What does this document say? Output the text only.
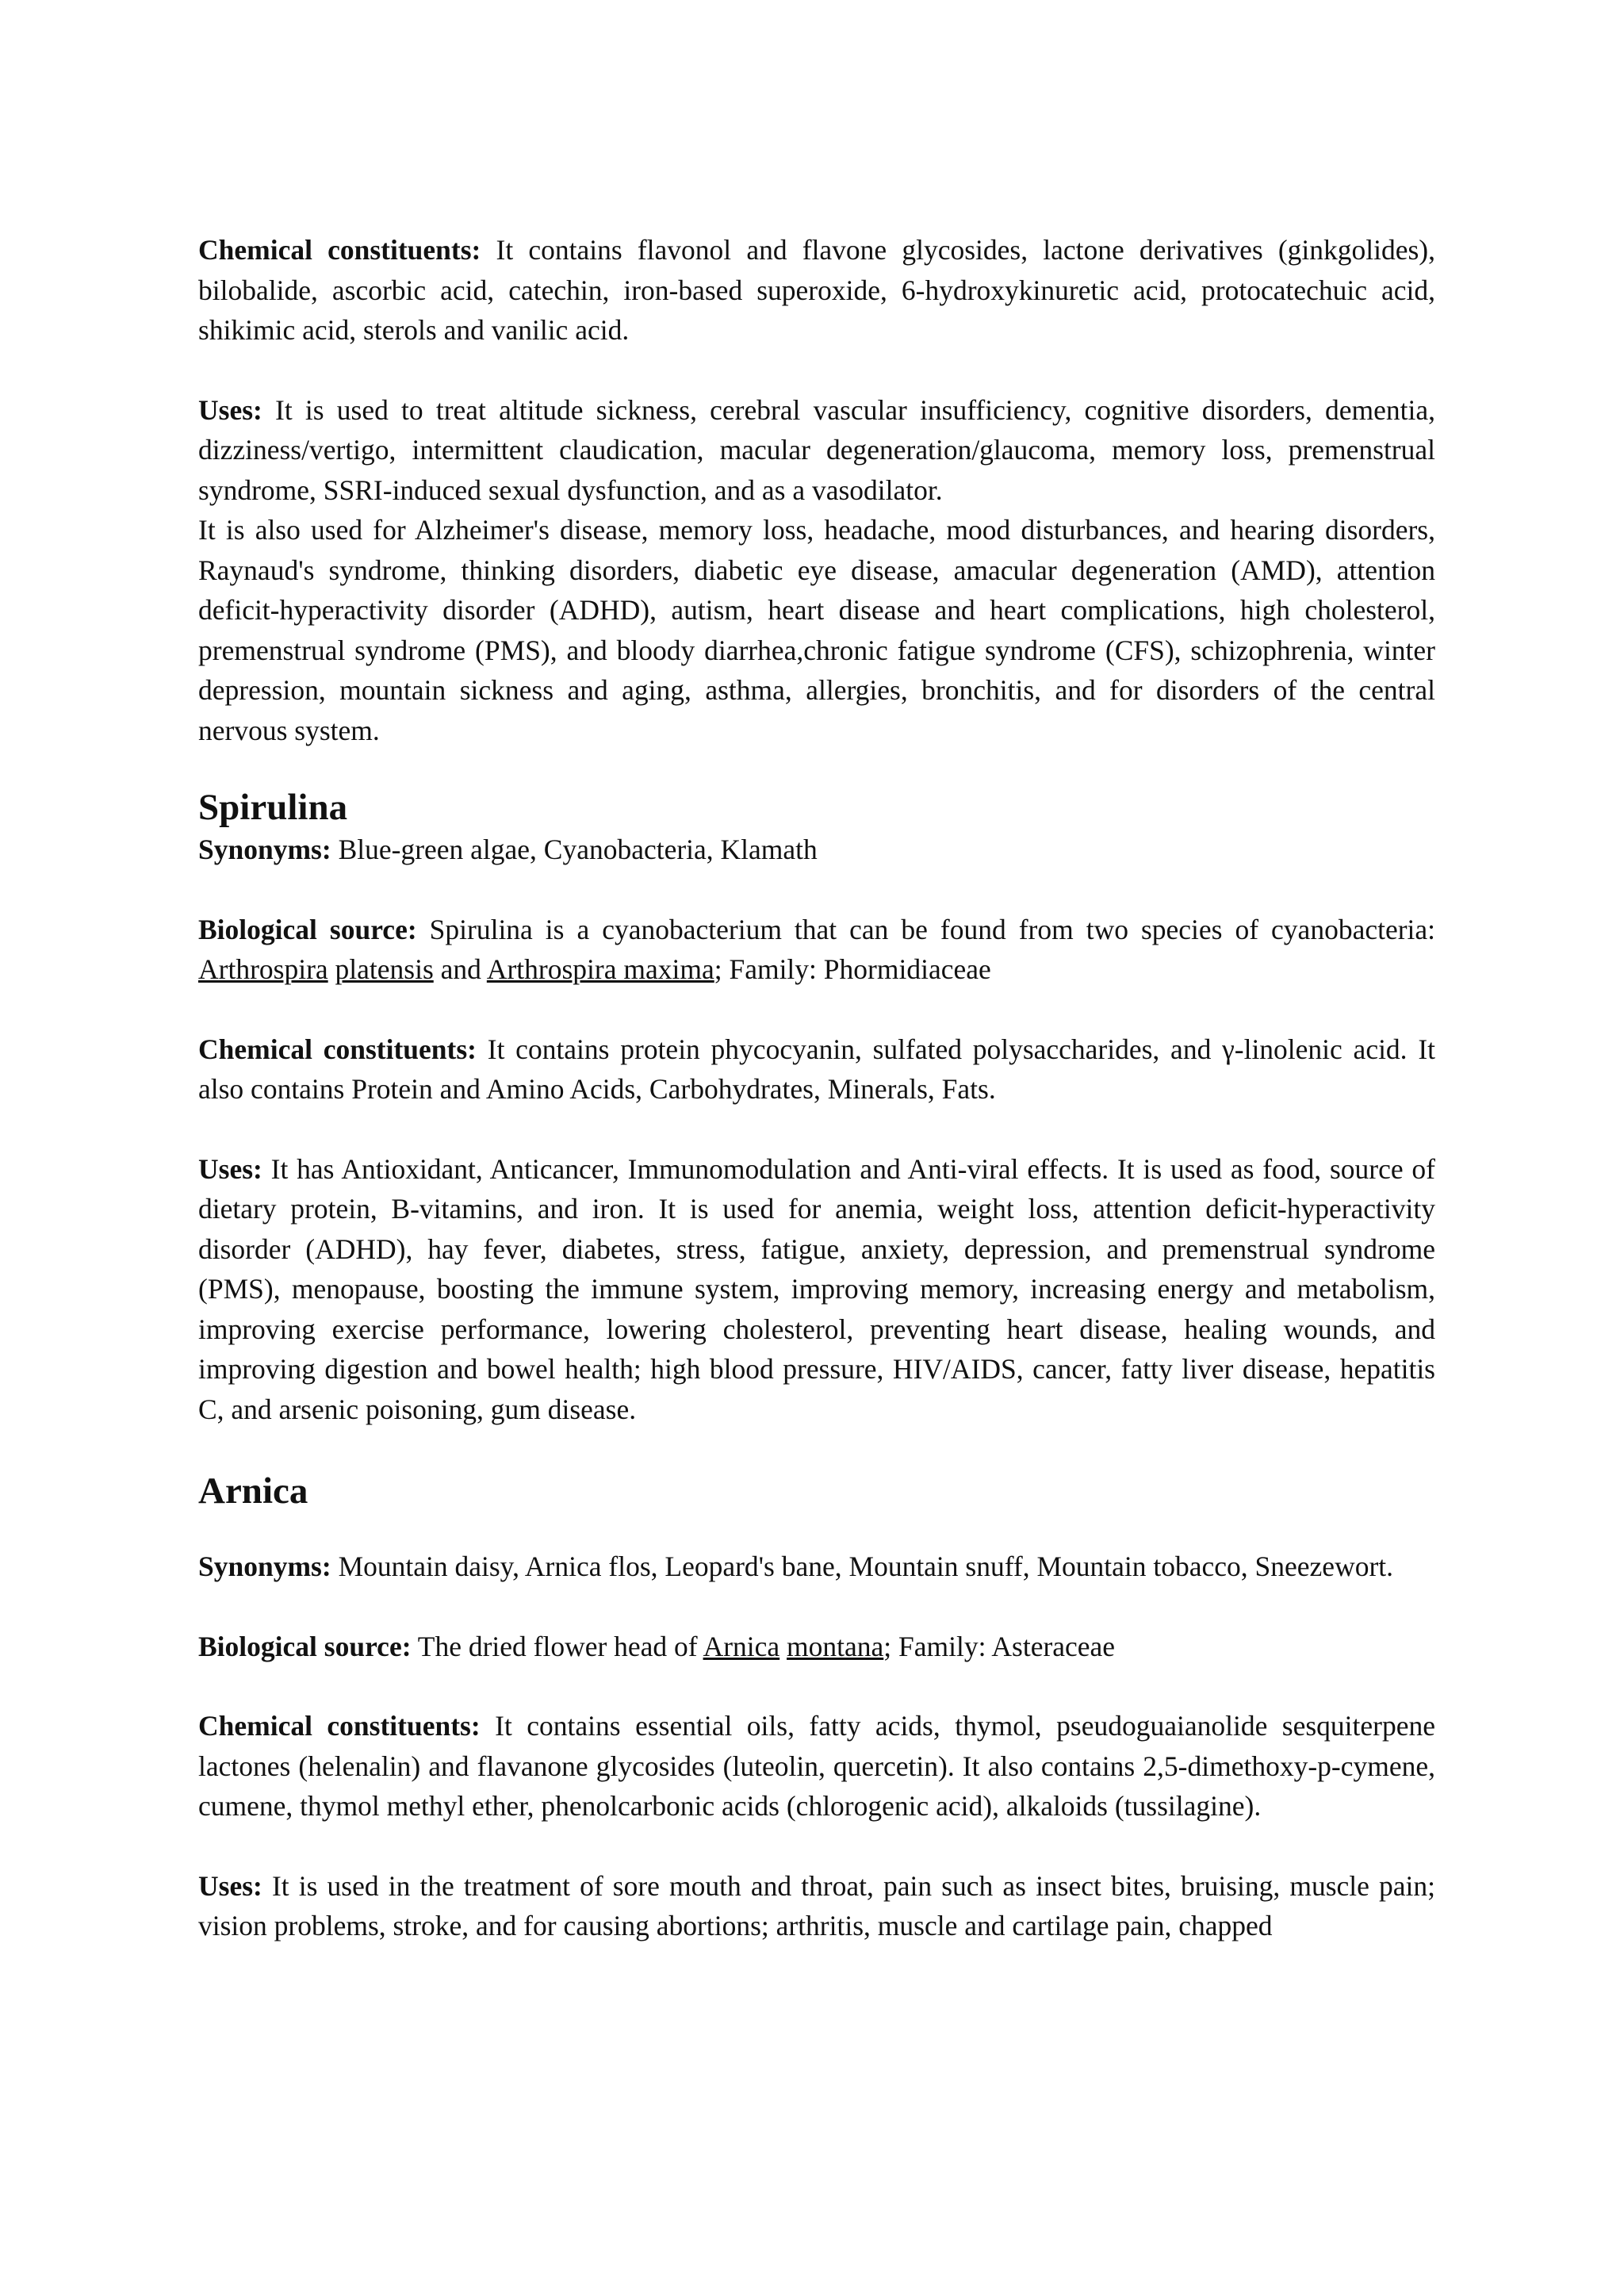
Chemical constituents: It contains flavonol and flavone glycosides, lactone derivatives (ginkgolides), bilobalide, ascorbic acid, catechin, iron-based superoxide, 6-hydroxykinuretic acid, protocatechuic acid, shikimic acid, sterols and vanilic acid.

Uses: It is used to treat altitude sickness, cerebral vascular insufficiency, cognitive disorders, dementia, dizziness/vertigo, intermittent claudication, macular degeneration/glaucoma, memory loss, premenstrual syndrome, SSRI-induced sexual dysfunction, and as a vasodilator.

It is also used for Alzheimer's disease, memory loss, headache, mood disturbances, and hearing disorders, Raynaud's syndrome, thinking disorders, diabetic eye disease, amacular degeneration (AMD), attention deficit-hyperactivity disorder (ADHD), autism, heart disease and heart complications, high cholesterol, premenstrual syndrome (PMS), and bloody diarrhea,chronic fatigue syndrome (CFS), schizophrenia, winter depression, mountain sickness and aging, asthma, allergies, bronchitis, and for disorders of the central nervous system.

Spirulina

Synonyms: Blue-green algae, Cyanobacteria, Klamath

Biological source: Spirulina is a cyanobacterium that can be found from two species of cyanobacteria: Arthrospira platensis and Arthrospira maxima; Family: Phormidiaceae

Chemical constituents: It contains protein phycocyanin, sulfated polysaccharides, and γ-linolenic acid. It also contains Protein and Amino Acids, Carbohydrates, Minerals, Fats.

Uses: It has Antioxidant, Anticancer, Immunomodulation and Anti-viral effects. It is used as food, source of dietary protein, B-vitamins, and iron. It is used for anemia, weight loss, attention deficit-hyperactivity disorder (ADHD), hay fever, diabetes, stress, fatigue, anxiety, depression, and premenstrual syndrome (PMS), menopause, boosting the immune system, improving memory, increasing energy and metabolism, improving exercise performance, lowering cholesterol, preventing heart disease, healing wounds, and improving digestion and bowel health; high blood pressure, HIV/AIDS, cancer, fatty liver disease, hepatitis C, and arsenic poisoning, gum disease.

Arnica

Synonyms: Mountain daisy, Arnica flos, Leopard's bane, Mountain snuff, Mountain tobacco, Sneezewort.

Biological source: The dried flower head of Arnica montana; Family: Asteraceae

Chemical constituents: It contains essential oils, fatty acids, thymol, pseudoguaianolide sesquiterpene lactones (helenalin) and flavanone glycosides (luteolin, quercetin). It also contains 2,5-dimethoxy-p-cymene, cumene, thymol methyl ether, phenolcarbonic acids (chlorogenic acid), alkaloids (tussilagine).

Uses: It is used in the treatment of sore mouth and throat, pain such as insect bites, bruising, muscle pain; vision problems, stroke, and for causing abortions; arthritis, muscle and cartilage pain, chapped
